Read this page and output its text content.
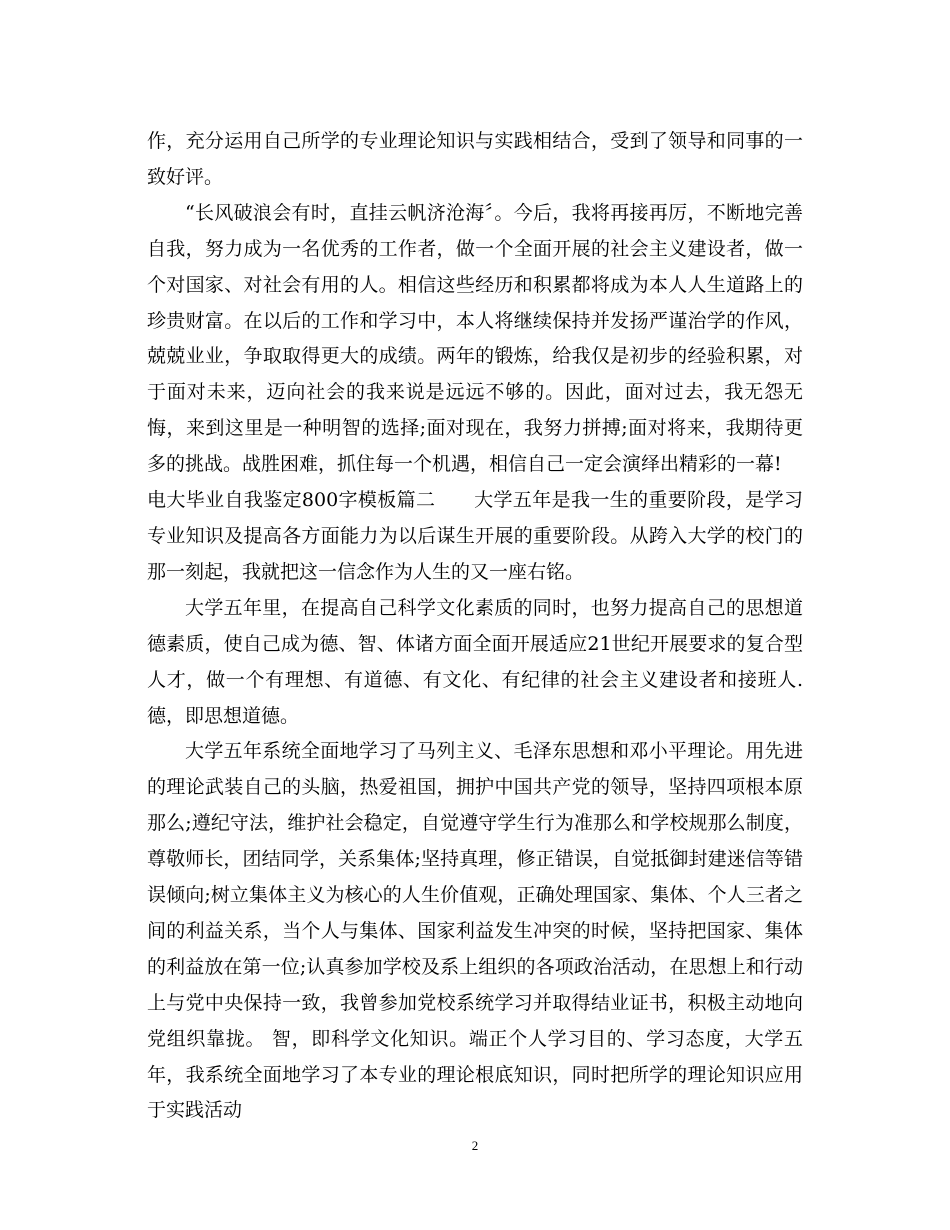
作，充分运用自己所学的专业理论知识与实践相结合，受到了领导和同事的一致好评。

“长风破浪会有时，直挂云帆济沧海〞。今后，我将再接再厉，不断地完善自我，努力成为一名优秀的工作者，做一个全面开展的社会主义建设者，做一个对国家、对社会有用的人。相信这些经历和积累都将成为本人人生道路上的珍贵财富。在以后的工作和学习中，本人将继续保持并发扬严谨治学的作风，兢兢业业，争取取得更大的成绩。两年的锻炼，给我仅是初步的经验积累，对于面对未来，迈向社会的我来说是远远不够的。因此，面对过去，我无怨无悔，来到这里是一种明智的选择;面对现在，我努力拼搏;面对将来，我期待更多的挑战。战胜困难，抓住每一个机遇，相信自己一定会演绎出精彩的一幕!

电大毕业自我鉴定800字模板篇二　　大学五年是我一生的重要阶段，是学习专业知识及提高各方面能力为以后谋生开展的重要阶段。从跨入大学的校门的那一刻起，我就把这一信念作为人生的又一座右铭。

大学五年里，在提高自己科学文化素质的同时，也努力提高自己的思想道德素质，使自己成为德、智、体诸方面全面开展适应21世纪开展要求的复合型人才，做一个有理想、有道德、有文化、有纪律的社会主义建设者和接班人. 德，即思想道德。

大学五年系统全面地学习了马列主义、毛泽东思想和邓小平理论。用先进的理论武装自己的头脑，热爱祖国，拥护中国共产党的领导，坚持四项根本原那么;遵纪守法，维护社会稳定，自觉遵守学生行为准那么和学校规那么制度，尊敬师长，团结同学，关系集体;坚持真理，修正错误，自觉抵御封建迷信等错误倾向;树立集体主义为核心的人生价值观，正确处理国家、集体、个人三者之间的利益关系，当个人与集体、国家利益发生冲突的时候，坚持把国家、集体的利益放在第一位;认真参加学校及系上组织的各项政治活动，在思想上和行动上与党中央保持一致，我曾参加党校系统学习并取得结业证书，积极主动地向党组织靠拢。 智，即科学文化知识。端正个人学习目的、学习态度，大学五年，我系统全面地学习了本专业的理论根底知识，同时把所学的理论知识应用于实践活动

2
